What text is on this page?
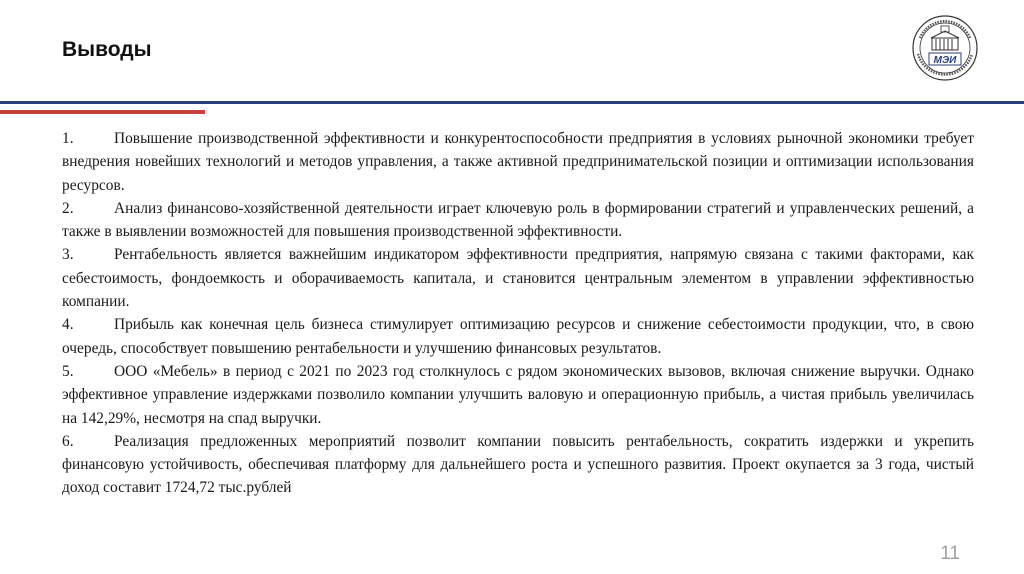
Выводы	МЭИ

1.	Повышение производственной эффективности и конкурентоспособности предприятия в условиях рыночной экономики требует внедрения новейших технологий и методов управления, а также активной предпринимательской позиции и оптимизации использования ресурсов.

2.	Анализ финансово-хозяйственной деятельности играет ключевую роль в формировании стратегий и управленческих решений, а также в выявлении возможностей для повышения производственной эффективности.

3.	Рентабельность является важнейшим индикатором эффективности предприятия, напрямую связана с такими факторами, как себестоимость, фондоемкость и оборачиваемость капитала, и становится центральным элементом в управлении эффективностью компании.

4.	Прибыль как конечная цель бизнеса стимулирует оптимизацию ресурсов и снижение себестоимости продукции, что, в свою очередь, способствует повышению рентабельности и улучшению финансовых результатов.

5.	ООО «Мебель» в период с 2021 по 2023 год столкнулось с рядом экономических вызовов, включая снижение выручки. Однако эффективное управление издержками позволило компании улучшить валовую и операционную прибыль, а чистая прибыль увеличилась на 142,29%, несмотря на спад выручки.

6.	Реализация предложенных мероприятий позволит компании повысить рентабельность, сократить издержки и укрепить финансовую устойчивость, обеспечивая платформу для дальнейшего роста и успешного развития. Проект окупается за 3 года, чистый доход составит 1724,72 тыс.рублей

11
